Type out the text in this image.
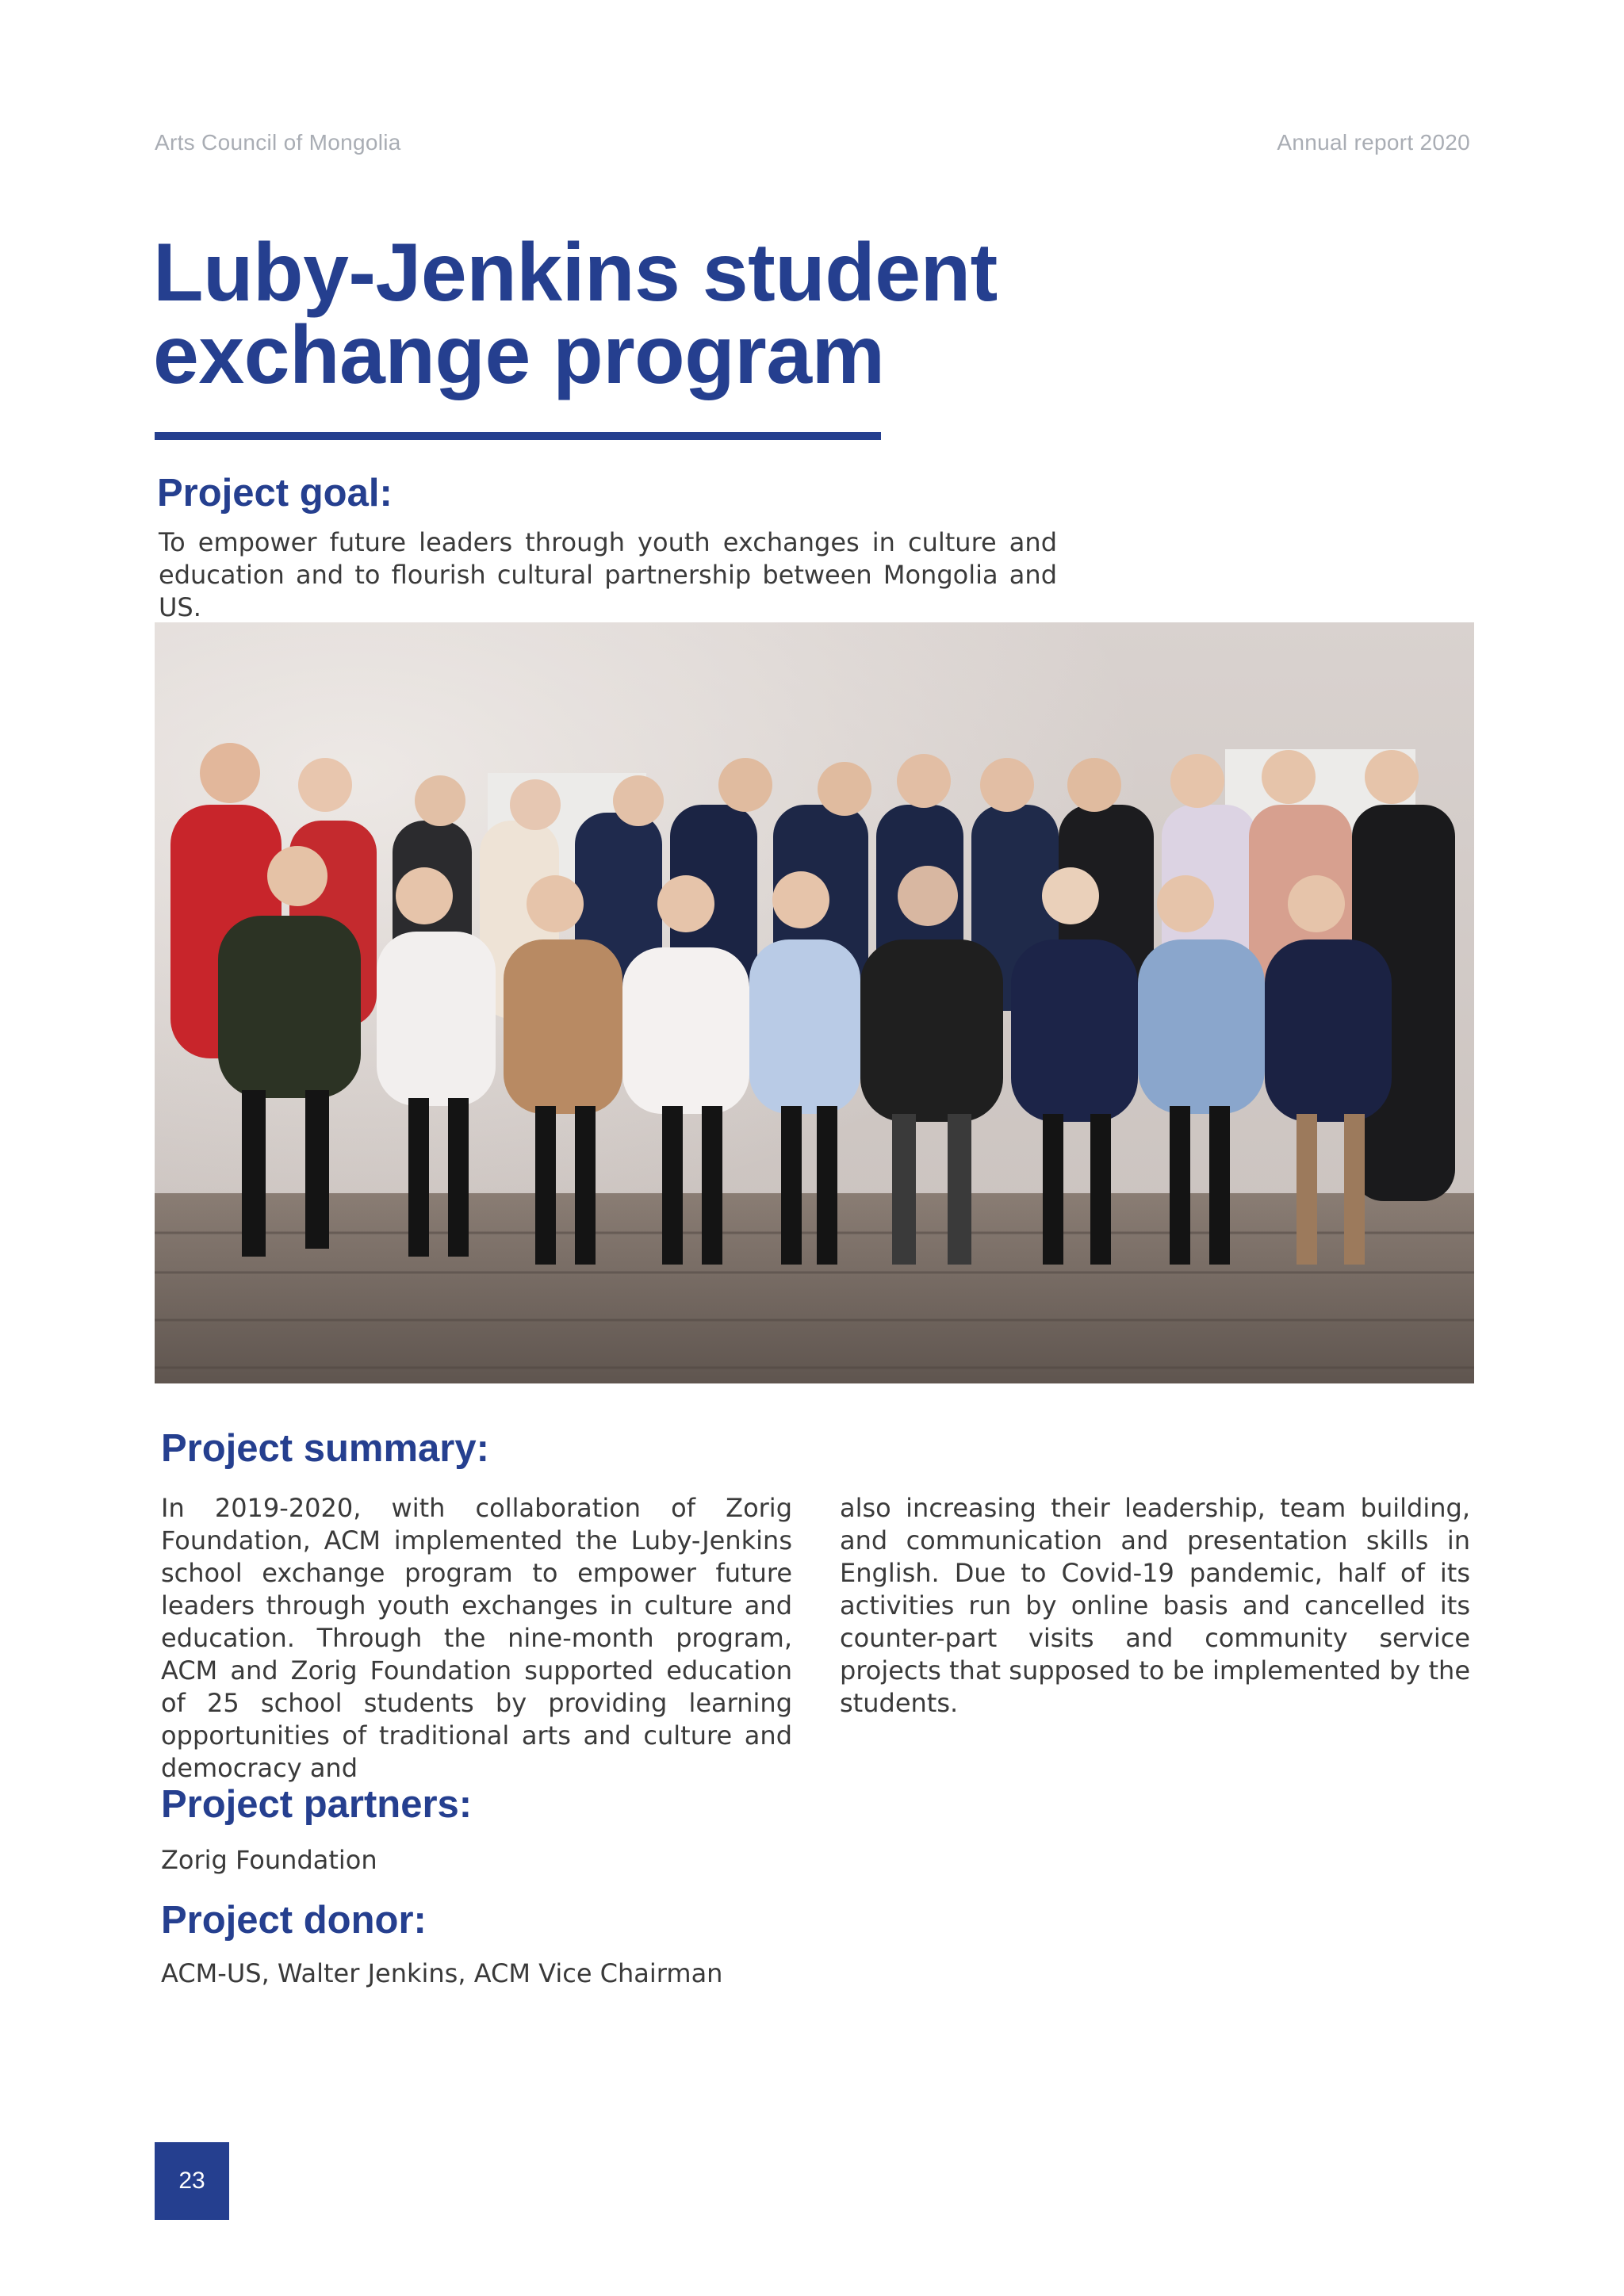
Arts Council of Mongolia	Annual report 2020
Luby-Jenkins student exchange program
Project goal:

To empower future leaders through youth exchanges in culture and education and to flourish cultural partnership between Mongolia and US.

Project summary:

In 2019-2020, with collaboration of Zorig Foundation, ACM implemented the Luby-Jenkins school exchange program to empower future leaders through youth exchanges in culture and education. Through the nine-month program, ACM and Zorig Foundation supported education of 25 school students by providing learning opportunities of traditional arts and culture and democracy and

also increasing their leadership, team building, and communication and presentation skills in English. Due to Covid-19 pandemic, half of its activities run by online basis and cancelled its counter-part visits and community service projects that supposed to be implemented by the students.

Project partners:

Zorig Foundation

Project donor:

ACM-US, Walter Jenkins, ACM Vice Chairman

23
